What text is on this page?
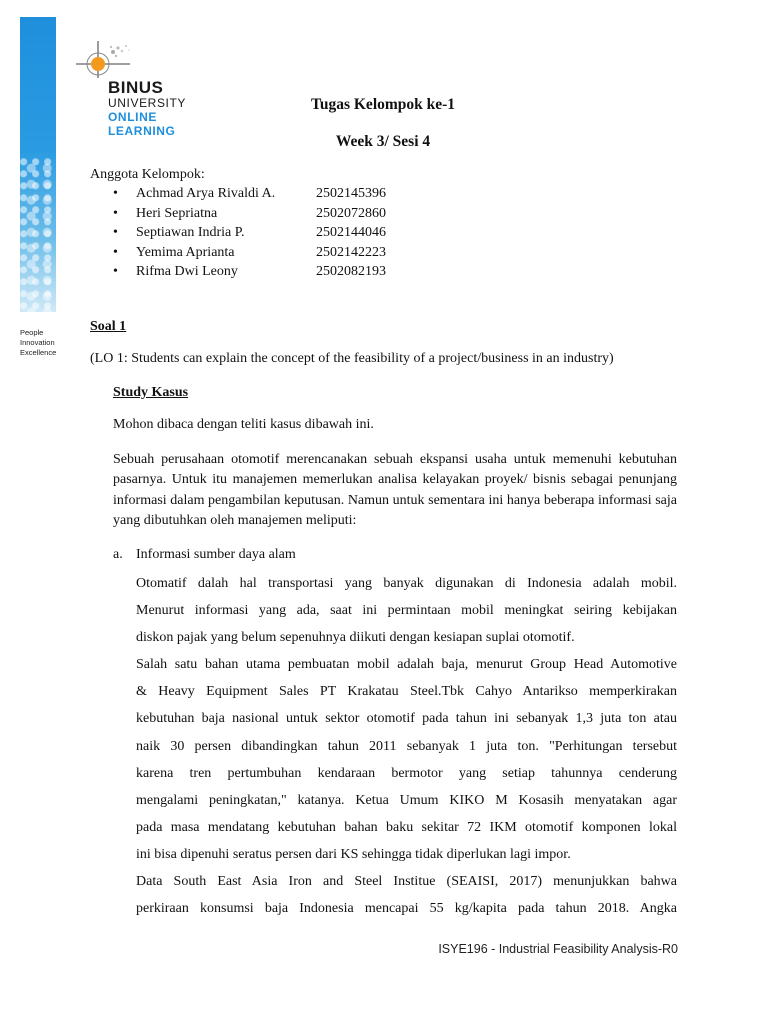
BINUS
UNIVERSITY
ONLINE
LEARNING
People
Innovation
Excellence
Tugas Kelompok ke-1
Week 3/ Sesi 4
Anggota Kelompok:
• Achmad Arya Rivaldi A.	2502145396
• Heri Sepriatna	2502072860
• Septiawan Indria P.	2502144046
• Yemima Aprianta	2502142223
• Rifma Dwi Leony	2502082193
Soal 1
(LO 1: Students can explain the concept of the feasibility of a project/business in an industry)
Study Kasus
Mohon dibaca dengan teliti kasus dibawah ini.
Sebuah perusahaan otomotif merencanakan sebuah ekspansi usaha untuk memenuhi kebutuhan pasarnya. Untuk itu manajemen memerlukan analisa kelayakan proyek/ bisnis sebagai penunjang informasi dalam pengambilan keputusan. Namun untuk sementara ini hanya beberapa informasi saja yang dibutuhkan oleh manajemen meliputi:
a. Informasi sumber daya alam
Otomatif dalah hal transportasi yang banyak digunakan di Indonesia adalah mobil.
Menurut informasi yang ada, saat ini permintaan mobil meningkat seiring kebijakan
diskon pajak yang belum sepenuhnya diikuti dengan kesiapan suplai otomotif.
Salah satu bahan utama pembuatan mobil adalah baja, menurut Group Head Automotive
& Heavy Equipment Sales PT Krakatau Steel.Tbk Cahyo Antarikso memperkirakan
kebutuhan baja nasional untuk sektor otomotif pada tahun ini sebanyak 1,3 juta ton atau
naik 30 persen dibandingkan tahun 2011 sebanyak 1 juta ton. "Perhitungan tersebut
karena tren pertumbuhan kendaraan bermotor yang setiap tahunnya cenderung
mengalami peningkatan," katanya. Ketua Umum KIKO M Kosasih menyatakan agar
pada masa mendatang kebutuhan bahan baku sekitar 72 IKM otomotif komponen lokal
ini bisa dipenuhi seratus persen dari KS sehingga tidak diperlukan lagi impor.
Data South East Asia Iron and Steel Institue (SEAISI, 2017) menunjukkan bahwa
perkiraan konsumsi baja Indonesia mencapai 55 kg/kapita pada tahun 2018. Angka
ISYE196 - Industrial Feasibility Analysis-R0
